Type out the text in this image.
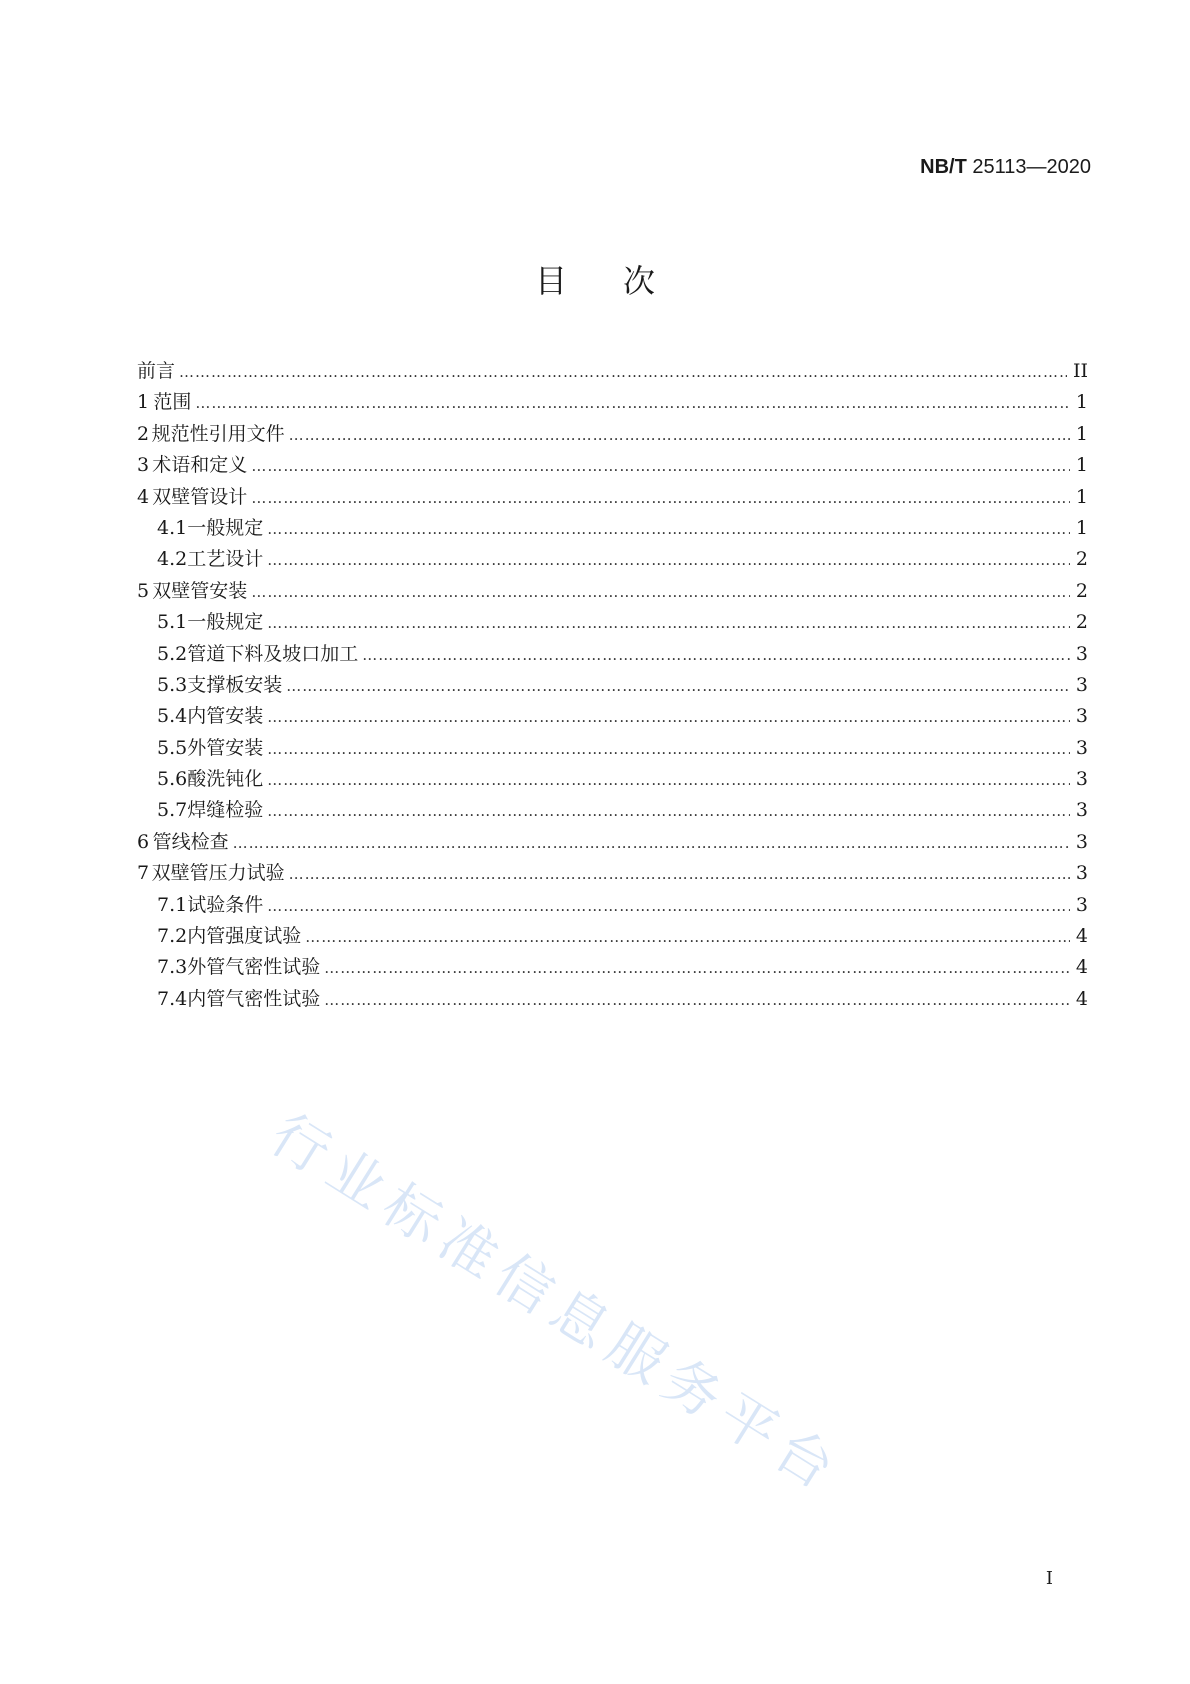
NB/T 25113—2020
目 次
前言 ……………………………………………………………………………………………………………………………………………………………………………………………………………………………………………………………………………………………	II
1 范围 ……………………………………………………………………………………………………………………………………………………………………………………………………………………………………………………………………………………………	1
2 规范性引用文件 ……………………………………………………………………………………………………………………………………………………………………………………………………………………………………………………………………………………………	1
3 术语和定义 ……………………………………………………………………………………………………………………………………………………………………………………………………………………………………………………………………………………………	1
4 双壁管设计 ……………………………………………………………………………………………………………………………………………………………………………………………………………………………………………………………………………………………	1
4.1 一般规定 ……………………………………………………………………………………………………………………………………………………………………………………………………………………………………………………………………………………………	1
4.2 工艺设计 ……………………………………………………………………………………………………………………………………………………………………………………………………………………………………………………………………………………………	2
5 双壁管安装 ……………………………………………………………………………………………………………………………………………………………………………………………………………………………………………………………………………………………	2
5.1 一般规定 ……………………………………………………………………………………………………………………………………………………………………………………………………………………………………………………………………………………………	2
5.2 管道下料及坡口加工 ……………………………………………………………………………………………………………………………………………………………………………………………………………………………………………………………………………………………	3
5.3 支撑板安装 ……………………………………………………………………………………………………………………………………………………………………………………………………………………………………………………………………………………………	3
5.4 内管安装 ……………………………………………………………………………………………………………………………………………………………………………………………………………………………………………………………………………………………	3
5.5 外管安装 ……………………………………………………………………………………………………………………………………………………………………………………………………………………………………………………………………………………………	3
5.6 酸洗钝化 ……………………………………………………………………………………………………………………………………………………………………………………………………………………………………………………………………………………………	3
5.7 焊缝检验 ……………………………………………………………………………………………………………………………………………………………………………………………………………………………………………………………………………………………	3
6 管线检查 ……………………………………………………………………………………………………………………………………………………………………………………………………………………………………………………………………………………………	3
7 双壁管压力试验 ……………………………………………………………………………………………………………………………………………………………………………………………………………………………………………………………………………………………	3
7.1 试验条件 ……………………………………………………………………………………………………………………………………………………………………………………………………………………………………………………………………………………………	3
7.2 内管强度试验 ……………………………………………………………………………………………………………………………………………………………………………………………………………………………………………………………………………………………	4
7.3 外管气密性试验 ……………………………………………………………………………………………………………………………………………………………………………………………………………………………………………………………………………………………	4
7.4 内管气密性试验 ……………………………………………………………………………………………………………………………………………………………………………………………………………………………………………………………………………………………	4
行业标准信息服务平台
I
